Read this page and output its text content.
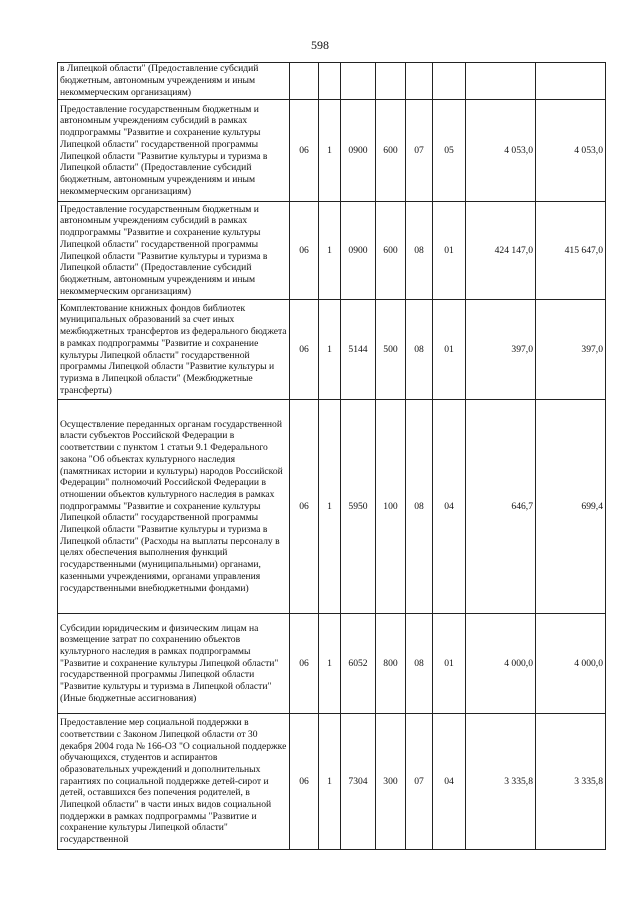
598
в Липецкой области" (Предоставление субсидий бюджетным, автономным учреждениям и иным некоммерческим организациям)								
Предоставление государственным бюджетным и автономным учреждениям субсидий в рамках подпрограммы "Развитие и сохранение культуры Липецкой области" государственной программы Липецкой области "Развитие культуры и туризма в Липецкой области" (Предоставление субсидий бюджетным, автономным учреждениям и иным некоммерческим организациям)	06	1	0900	600	07	05	4 053,0	4 053,0
Предоставление государственным бюджетным и автономным учреждениям субсидий в рамках подпрограммы "Развитие и сохранение культуры Липецкой области" государственной программы Липецкой области "Развитие культуры и туризма в Липецкой области" (Предоставление субсидий бюджетным, автономным учреждениям и иным некоммерческим организациям)	06	1	0900	600	08	01	424 147,0	415 647,0
Комплектование книжных фондов библиотек муниципальных образований за счет иных межбюджетных трансфертов из федерального бюджета в рамках подпрограммы "Развитие и сохранение культуры Липецкой области" государственной программы Липецкой области "Развитие культуры и туризма в Липецкой области" (Межбюджетные трансферты)	06	1	5144	500	08	01	397,0	397,0
Осуществление переданных органам государственной власти субъектов Российской Федерации в соответствии с пунктом 1 статьи 9.1 Федерального закона "Об объектах культурного наследия (памятниках истории и культуры) народов Российской Федерации" полномочий Российской Федерации в отношении объектов культурного наследия в рамках подпрограммы "Развитие и сохранение культуры Липецкой области" государственной программы Липецкой области "Развитие культуры и туризма в Липецкой области" (Расходы на выплаты персоналу в целях обеспечения выполнения функций государственными (муниципальными) органами, казенными учреждениями, органами управления государственными внебюджетными фондами)	06	1	5950	100	08	04	646,7	699,4
Субсидии юридическим и физическим лицам на возмещение затрат по сохранению объектов культурного наследия в рамках подпрограммы "Развитие и сохранение культуры Липецкой области" государственной программы Липецкой области "Развитие культуры и туризма в Липецкой области" (Иные бюджетные ассигнования)	06	1	6052	800	08	01	4 000,0	4 000,0
Предоставление мер социальной поддержки в соответствии с Законом Липецкой области от 30 декабря 2004 года № 166-ОЗ "О социальной поддержке обучающихся, студентов и аспирантов образовательных учреждений и дополнительных гарантиях по социальной поддержке детей-сирот и детей, оставшихся без попечения родителей, в Липецкой области" в части иных видов социальной поддержки в рамках подпрограммы "Развитие и сохранение культуры Липецкой области" государственной	06	1	7304	300	07	04	3 335,8	3 335,8
